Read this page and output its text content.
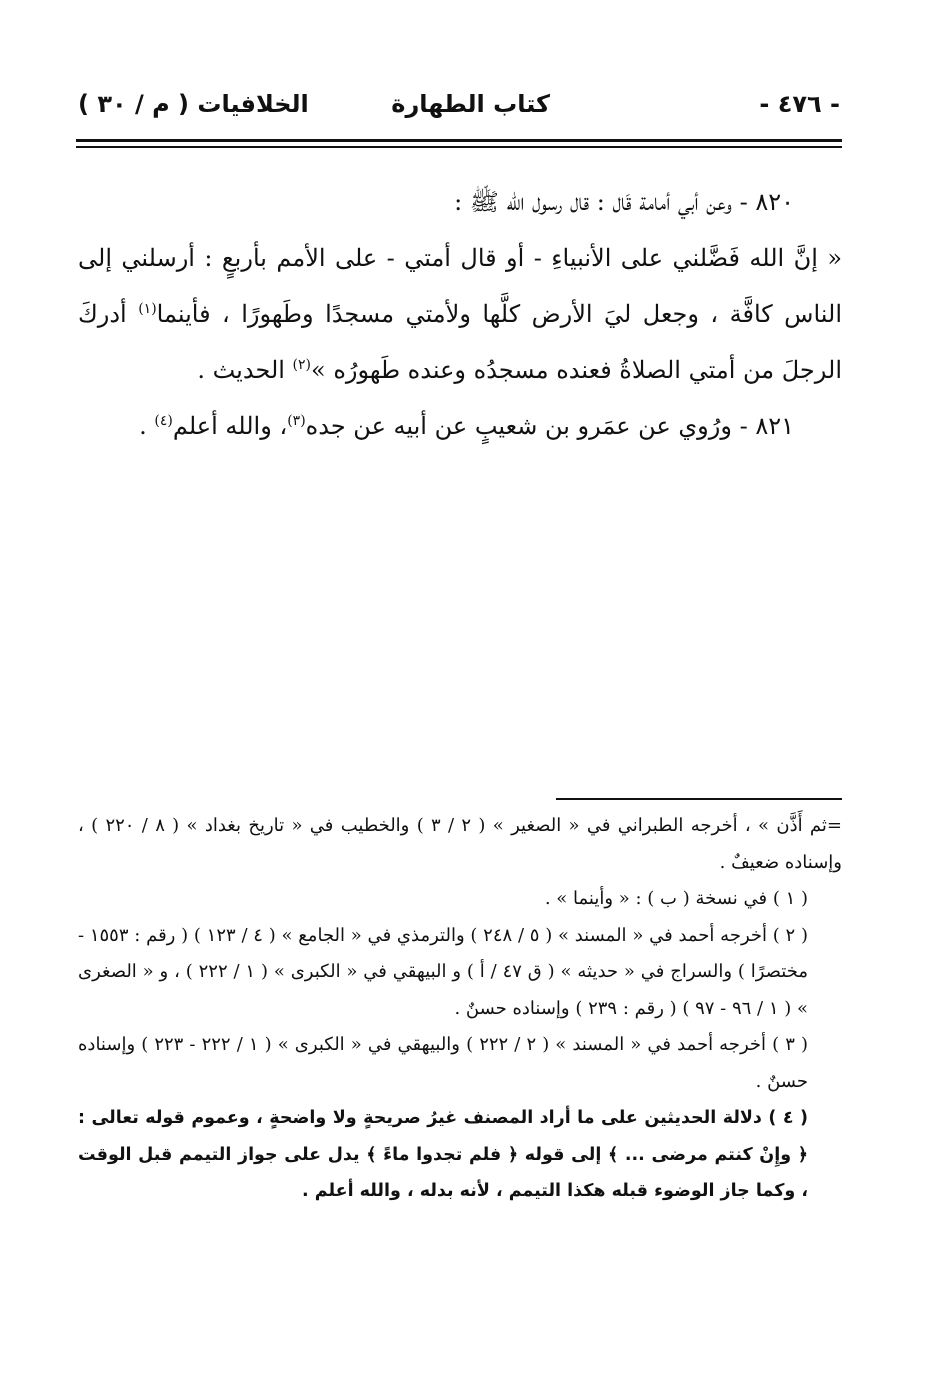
- ٤٧٦ -
كتاب الطهارة
الخلافيات ( م / ٣٠ )

٨٢٠ - وعن أبي أمامة قَال : قال رسول الله ﷺ :

« إنَّ الله فَضَّلني على الأنبياءِ - أو قال أمتي - على الأمم بأربعٍ : أرسلني إلى الناس كافَّة ، وجعل ليَ الأرض كلَّها ولأمتي مسجدًا وطَهورًا ، فأينما$^{(١)}$ أدركَ الرجلَ من أمتي الصلاةُ فعنده مسجدُه وعنده طَهورُه »$^{(٢)}$ الحديث .

٨٢١ - ورُوي عن عمَرو بن شعيبٍ عن أبيه عن جده$^{(٣)}$، والله أعلم$^{(٤)}$ .

=ثم أَذَّن » ، أخرجه الطبراني في « الصغير » ( ٢ / ٣ ) والخطيب في « تاريخ بغداد » ( ٨ / ٢٢٠ ) ، وإسناده ضعيفٌ .

( ١ ) في نسخة ( ب ) : « وأينما » .

( ٢ ) أخرجه أحمد في « المسند » ( ٥ / ٢٤٨ ) والترمذي في « الجامع » ( ٤ / ١٢٣ ) ( رقم : ١٥٥٣ - مختصرًا ) والسراج في « حديثه » ( ق ٤٧ / أ ) و البيهقي في « الكبرى » ( ١ / ٢٢٢ ) ، و « الصغرى » ( ١ / ٩٦ - ٩٧ ) ( رقم : ٢٣٩ ) وإسناده حسنٌ .

( ٣ ) أخرجه أحمد في « المسند » ( ٢ / ٢٢٢ ) والبيهقي في « الكبرى » ( ١ / ٢٢٢ - ٢٢٣ ) وإسناده حسنٌ .

( ٤ ) دلالة الحديثين على ما أراد المصنف غيرُ صريحةٍ ولا واضحةٍ ، وعموم قوله تعالى : ﴿ وإِنْ كنتم مرضى ... ﴾ إلى قوله ﴿ فلم تجدوا ماءً ﴾ يدل على جواز التيمم قبل الوقت ، وكما جاز الوضوء قبله هكذا التيمم ، لأنه بدله ، والله أعلم .
